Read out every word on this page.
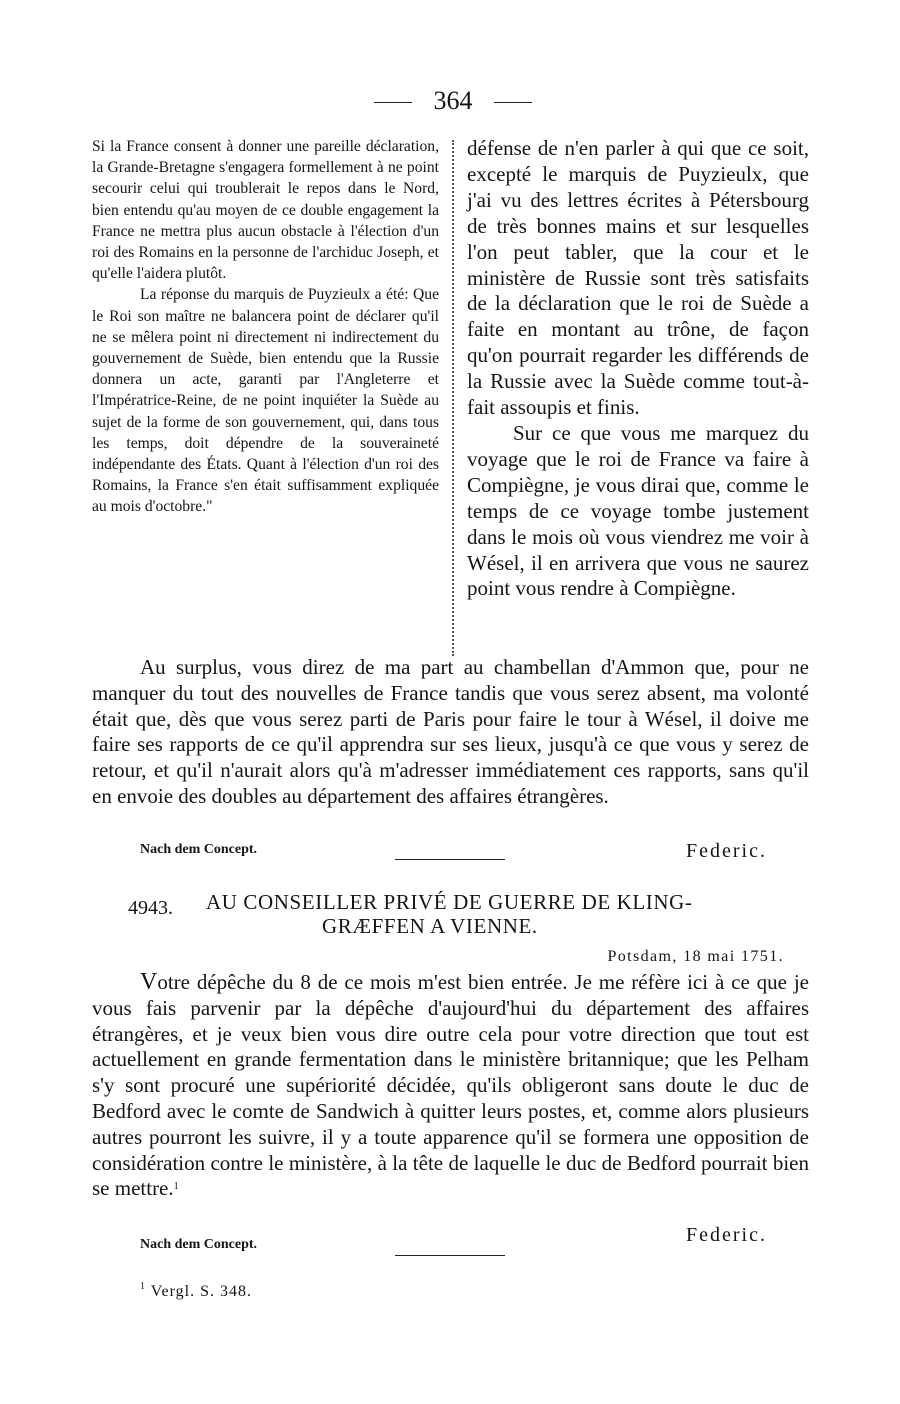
364

Si la France consent à donner une pareille déclaration, la Grande-Bretagne s'engagera formellement à ne point secourir celui qui troublerait le repos dans le Nord, bien entendu qu'au moyen de ce double engagement la France ne mettra plus aucun obstacle à l'élection d'un roi des Romains en la personne de l'archiduc Joseph, et qu'elle l'aidera plutôt.

La réponse du marquis de Puyzieulx a été: Que le Roi son maître ne balancera point de déclarer qu'il ne se mêlera point ni directement ni indirectement du gouvernement de Suède, bien entendu que la Russie donnera un acte, garanti par l'Angleterre et l'Impératrice-Reine, de ne point inquiéter la Suède au sujet de la forme de son gouvernement, qui, dans tous les temps, doit dépendre de la souveraineté indépendante des États. Quant à l'élection d'un roi des Romains, la France s'en était suffisamment expliquée au mois d'octobre."

défense de n'en parler à qui que ce soit, excepté le marquis de Puyzieulx, que j'ai vu des lettres écrites à Pétersbourg de très bonnes mains et sur lesquelles l'on peut tabler, que la cour et le ministère de Russie sont très satisfaits de la déclaration que le roi de Suède a faite en montant au trône, de façon qu'on pourrait regarder les différends de la Russie avec la Suède comme tout-à-fait assoupis et finis.

Sur ce que vous me marquez du voyage que le roi de France va faire à Compiègne, je vous dirai que, comme le temps de ce voyage tombe justement dans le mois où vous viendrez me voir à Wésel, il en arrivera que vous ne saurez point vous rendre à Compiègne.

Au surplus, vous direz de ma part au chambellan d'Ammon que, pour ne manquer du tout des nouvelles de France tandis que vous serez absent, ma volonté était que, dès que vous serez parti de Paris pour faire le tour à Wésel, il doive me faire ses rapports de ce qu'il apprendra sur ses lieux, jusqu'à ce que vous y serez de retour, et qu'il n'aurait alors qu'à m'adresser immédiatement ces rapports, sans qu'il en envoie des doubles au département des affaires étrangères.

Nach dem Concept.	Federic.
4943. AU CONSEILLER PRIVÉ DE GUERRE DE KLING-
GRÆFFEN A VIENNE.
Potsdam, 18 mai 1751.

Votre dépêche du 8 de ce mois m'est bien entrée. Je me réfère ici à ce que je vous fais parvenir par la dépêche d'aujourd'hui du département des affaires étrangères, et je veux bien vous dire outre cela pour votre direction que tout est actuellement en grande fermentation dans le ministère britannique; que les Pelham s'y sont procuré une supériorité décidée, qu'ils obligeront sans doute le duc de Bedford avec le comte de Sandwich à quitter leurs postes, et, comme alors plusieurs autres pourront les suivre, il y a toute apparence qu'il se formera une opposition de considération contre le ministère, à la tête de laquelle le duc de Bedford pourrait bien se mettre.$^1$

Nach dem Concept.	Federic.
$^1$ Vergl. S. 348.
